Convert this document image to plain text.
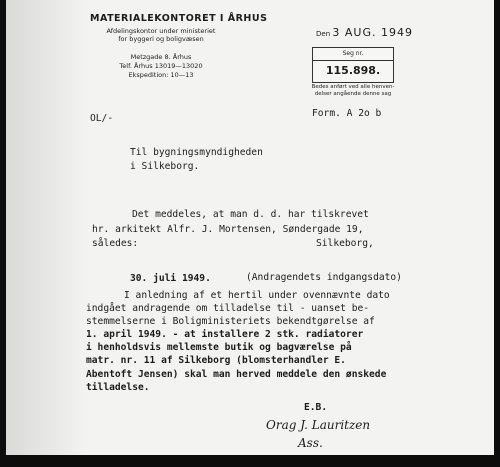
MATERIALEKONTORET I ÅRHUS
Afdelingskontor under ministeriet
for byggeri og boligvæsen
Metzgade 8. Århus
Telf. Århus 13019—13020
Ekspedition: 10—13
Den 3 AUG. 1949
Seg nr.
115.898.
Bedes anført ved alle henven-
delser angående denne sag
OL/-	Form. A 2o b
Til bygningsmyndigheden
i Silkeborg.
Det meddeles, at man d. d. har tilskrevet
hr. arkitekt Alfr. J. Mortensen, Søndergade 19,
således:	Silkeborg,
30. juli 1949.	(Andragendets indgangsdato)
I anledning af et hertil under ovennævnte dato
indgået andragende om tilladelse til - uanset be-
stemmelserne i Boligministeriets bekendtgørelse af
1. april 1949. - at installere 2 stk. radiatorer
i henholdsvis mellemste butik og bagværelse på
matr. nr. 11 af Silkeborg (blomsterhandler E.
Abentoft Jensen) skal man herved meddele den ønskede tilladelse.
E.B.
Orag J. Lauritzen
Ass.
